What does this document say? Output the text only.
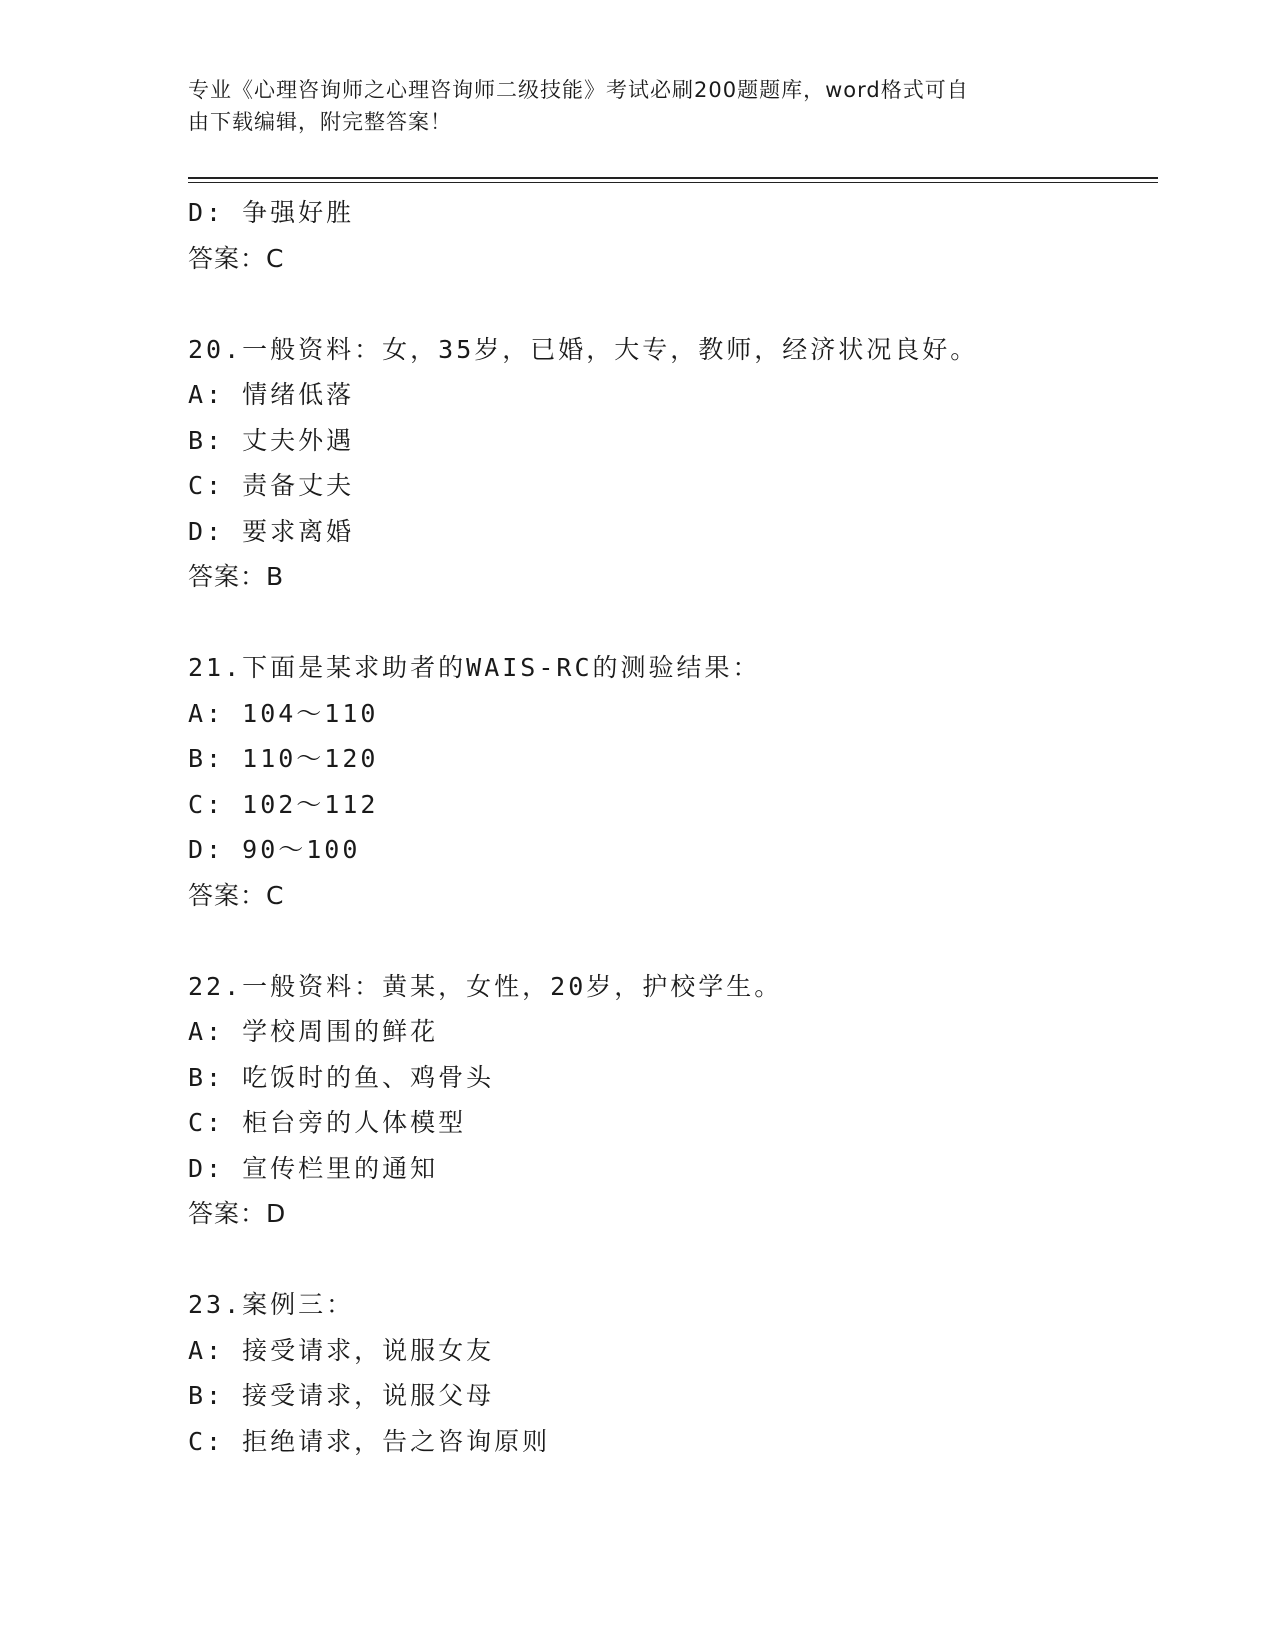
专业《心理咨询师之心理咨询师二级技能》考试必刷200题题库，word格式可自
由下载编辑，附完整答案！
D: 争强好胜
答案：C
20.一般资料：女，35岁，已婚，大专，教师，经济状况良好。
A: 情绪低落
B: 丈夫外遇
C: 责备丈夫
D: 要求离婚
答案：B
21.下面是某求助者的WAIS-RC的测验结果：
A: 104～110
B: 110～120
C: 102～112
D: 90～100
答案：C
22.一般资料：黄某，女性，20岁，护校学生。
A: 学校周围的鲜花
B: 吃饭时的鱼、鸡骨头
C: 柜台旁的人体模型
D: 宣传栏里的通知
答案：D
23.案例三：
A: 接受请求，说服女友
B: 接受请求，说服父母
C: 拒绝请求，告之咨询原则
